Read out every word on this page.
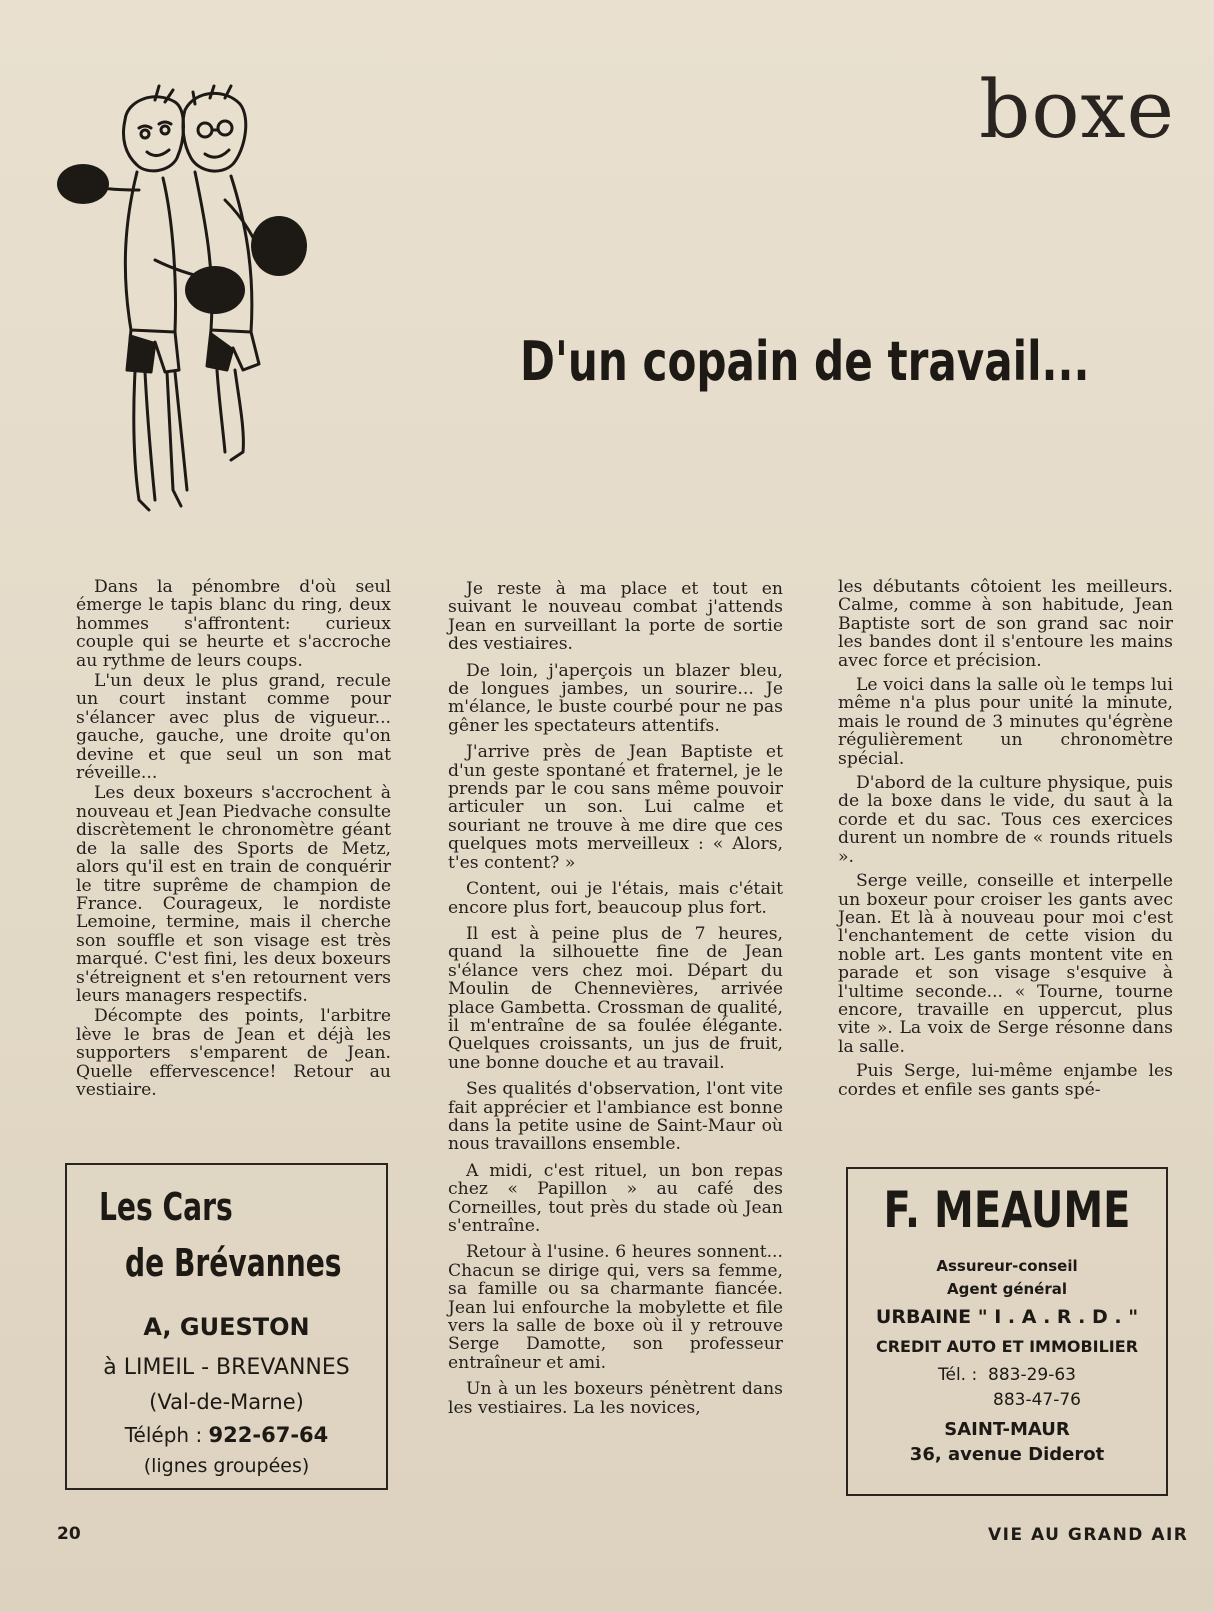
boxe
D'un copain de travail...

Dans la pénombre d'où seul émerge le tapis blanc du ring, deux hommes s'affrontent: curieux couple qui se heurte et s'accroche au rythme de leurs coups.

L'un deux le plus grand, recule un court instant comme pour s'élancer avec plus de vigueur... gauche, gauche, une droite qu'on devine et que seul un son mat réveille...

Les deux boxeurs s'accrochent à nouveau et Jean Piedvache consulte discrètement le chronomètre géant de la salle des Sports de Metz, alors qu'il est en train de conquérir le titre suprême de champion de France. Courageux, le nordiste Lemoine, termine, mais il cherche son souffle et son visage est très marqué. C'est fini, les deux boxeurs s'étreignent et s'en retournent vers leurs managers respectifs.

Décompte des points, l'arbitre lève le bras de Jean et déjà les supporters s'emparent de Jean. Quelle effervescence! Retour au vestiaire.

Je reste à ma place et tout en suivant le nouveau combat j'attends Jean en surveillant la porte de sortie des vestiaires.

De loin, j'aperçois un blazer bleu, de longues jambes, un sourire... Je m'élance, le buste courbé pour ne pas gêner les spectateurs attentifs.

J'arrive près de Jean Baptiste et d'un geste spontané et fraternel, je le prends par le cou sans même pouvoir articuler un son. Lui calme et souriant ne trouve à me dire que ces quelques mots merveilleux : « Alors, t'es content? »

Content, oui je l'étais, mais c'était encore plus fort, beaucoup plus fort.

Il est à peine plus de 7 heures, quand la silhouette fine de Jean s'élance vers chez moi. Départ du Moulin de Chennevières, arrivée place Gambetta. Crossman de qualité, il m'entraîne de sa foulée élégante. Quelques croissants, un jus de fruit, une bonne douche et au travail.

Ses qualités d'observation, l'ont vite fait apprécier et l'ambiance est bonne dans la petite usine de Saint-Maur où nous travaillons ensemble.

A midi, c'est rituel, un bon repas chez « Papillon » au café des Corneilles, tout près du stade où Jean s'entraîne.

Retour à l'usine. 6 heures sonnent... Chacun se dirige qui, vers sa femme, sa famille ou sa charmante fiancée. Jean lui enfourche la mobylette et file vers la salle de boxe où il y retrouve Serge Damotte, son professeur entraîneur et ami.

Un à un les boxeurs pénètrent dans les vestiaires. La les novices,

les débutants côtoient les meilleurs. Calme, comme à son habitude, Jean Baptiste sort de son grand sac noir les bandes dont il s'entoure les mains avec force et précision.

Le voici dans la salle où le temps lui même n'a plus pour unité la minute, mais le round de 3 minutes qu'égrène régulièrement un chronomètre spécial.

D'abord de la culture physique, puis de la boxe dans le vide, du saut à la corde et du sac. Tous ces exercices durent un nombre de « rounds rituels ».

Serge veille, conseille et interpelle un boxeur pour croiser les gants avec Jean. Et là à nouveau pour moi c'est l'enchantement de cette vision du noble art. Les gants montent vite en parade et son visage s'esquive à l'ultime seconde... « Tourne, tourne encore, travaille en uppercut, plus vite ». La voix de Serge résonne dans la salle.

Puis Serge, lui-même enjambe les cordes et enfile ses gants spé-

Les Cars
de Brévannes
A, GUESTON
à LIMEIL - BREVANNES
(Val-de-Marne)
Téléph : 922-67-64
(lignes groupées)
F. MEAUME
Assureur-conseil
Agent général
URBAINE " I . A . R . D . "
CREDIT AUTO ET IMMOBILIER
Tél. : 883-29-63
883-47-76
SAINT-MAUR
36, avenue Diderot
20	VIE AU GRAND AIR
